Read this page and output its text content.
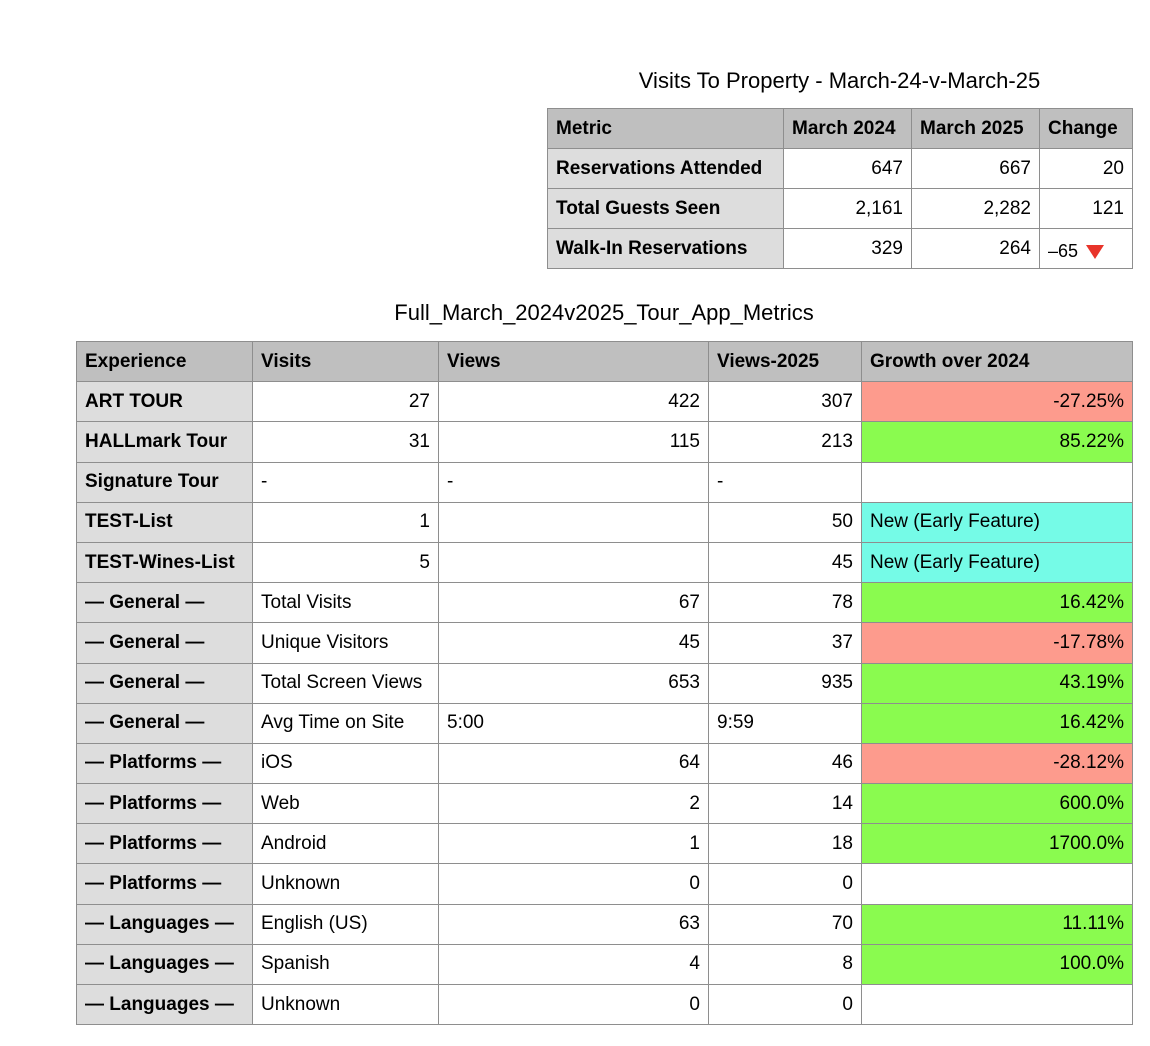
Visits To Property - March-24-v-March-25
Metric	March 2024	March 2025	Change
Reservations Attended	647	667	20
Total Guests Seen	2,161	2,282	121
Walk-In Reservations	329	264	–65
Full_March_2024v2025_Tour_App_Metrics
Experience	Visits	Views	Views-2025	Growth over 2024
ART TOUR	27	422	307	-27.25%
HALLmark Tour	31	115	213	85.22%
Signature Tour	-	-	-	
TEST-List	1		50	New (Early Feature)
TEST-Wines-List	5		45	New (Early Feature)
— General —	Total Visits	67	78	16.42%
— General —	Unique Visitors	45	37	-17.78%
— General —	Total Screen Views	653	935	43.19%
— General —	Avg Time on Site	5:00	9:59	16.42%
— Platforms —	iOS	64	46	-28.12%
— Platforms —	Web	2	14	600.0%
— Platforms —	Android	1	18	1700.0%
— Platforms —	Unknown	0	0	
— Languages —	English (US)	63	70	11.11%
— Languages —	Spanish	4	8	100.0%
— Languages —	Unknown	0	0	
